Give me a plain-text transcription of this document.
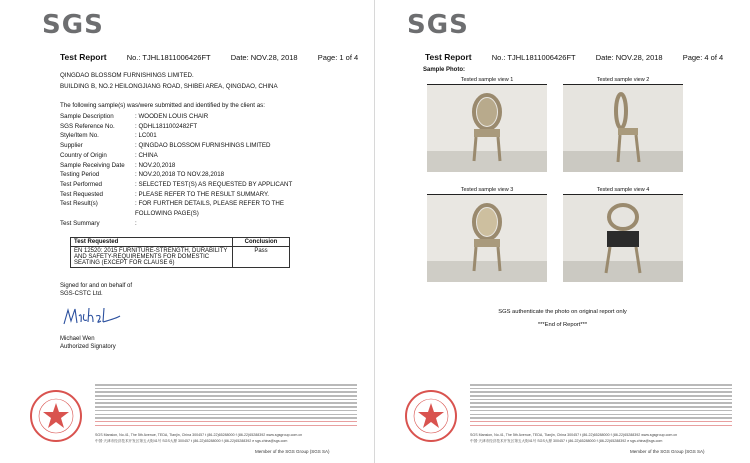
SGS
Test Report	No.: TJHL1811006426FT	Date: NOV.28, 2018	Page: 1 of 4
QINGDAO BLOSSOM FURNISHINGS LIMITED.
BUILDING B, NO.2 HEILONGJIANG ROAD, SHIBEI AREA, QINGDAO, CHINA
The following sample(s) was/were submitted and identified by the client as:
Sample Description	: WOODEN LOUIS CHAIR
SGS Reference No.	: QDHL1811002482FT
Style/Item No.	: LC001
Supplier	: QINGDAO BLOSSOM FURNISHINGS LIMITED
Country of Origin	: CHINA
Sample Receiving Date	: NOV.20,2018
Testing Period	: NOV.20,2018 TO NOV.28,2018
Test Performed	: SELECTED TEST(S) AS REQUESTED BY APPLICANT
Test Requested	: PLEASE REFER TO THE RESULT SUMMARY.
Test Result(s)	: FOR FURTHER DETAILS, PLEASE REFER TO THE
FOLLOWING PAGE(S)
Test Summary	:
Test Requested	Conclusion
EN 12520: 2015 FURNITURE-STRENGTH, DURABILITY AND SAFETY-REQUIREMENTS FOR DOMESTIC SEATING (EXCEPT FOR CLAUSE 6)	Pass
Signed for and on behalf of
SGS-CSTC Ltd.
Michael Wen
Authorized Signatory
SGS Mansion, No.41, The 5th Avenue, TEDA, Tianjin, China 300457 t (86-22)65288000 f (86-22)65288392 www.sgsgroup.com.cn
中国·天津市经济技术开发区第五大街41号 SGS大厦 300457 t (86-22)65288000 f (86-22)65288392 e sgs.china@sgs.com
Member of the SGS Group (SGS SA)
SGS
Test Report	No.: TJHL1811006426FT	Date: NOV.28, 2018	Page: 4 of 4
Sample Photo:
Tested sample view 1	Tested sample view 2
Tested sample view 3	Tested sample view 4
SGS authenticate the photo on original report only
***End of Report***
SGS Mansion, No.41, The 5th Avenue, TEDA, Tianjin, China 300457 t (86-22)65288000 f (86-22)65288392 www.sgsgroup.com.cn
中国·天津市经济技术开发区第五大街41号 SGS大厦 300457 t (86-22)65288000 f (86-22)65288392 e sgs.china@sgs.com
Member of the SGS Group (SGS SA)
